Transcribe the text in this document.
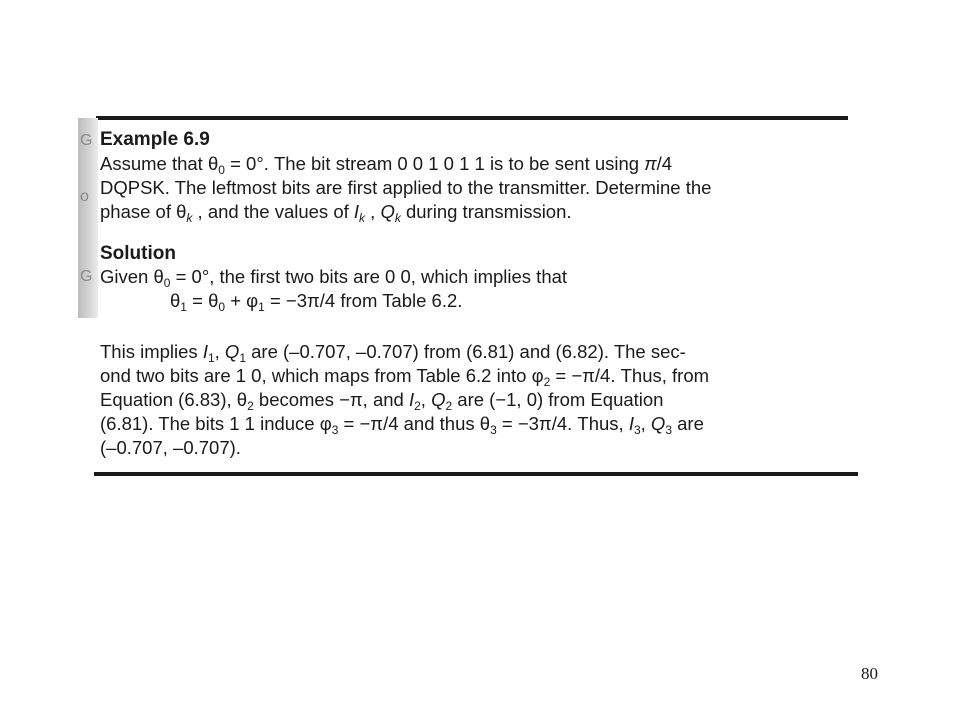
G
o
G
Example 6.9
Assume that $\theta_0 = 0^\circ$. The bit stream 0 0 1 0 1 1 is to be sent using π/4
DQPSK. The leftmost bits are first applied to the transmitter. Determine the
phase of $\theta_k$ , and the values of $I_k$ , $Q_k$ during transmission.
Solution
Given $\theta_0 = 0^\circ$, the first two bits are 0 0, which implies that
$\theta_1 = \theta_0 + \varphi_1 = -3\pi/4$ from Table 6.2.
This implies $I_1$, $Q_1$ are (–0.707, –0.707) from (6.81) and (6.82). The sec-
ond two bits are 1 0, which maps from Table 6.2 into $\varphi_2 = -\pi/4$. Thus, from
Equation (6.83), $\theta_2$ becomes −π, and $I_2$, $Q_2$ are (−1, 0) from Equation
(6.81). The bits 1 1 induce $\varphi_3 = -\pi/4$ and thus $\theta_3 = -3\pi/4$. Thus, $I_3$, $Q_3$ are
(–0.707, –0.707).
80
